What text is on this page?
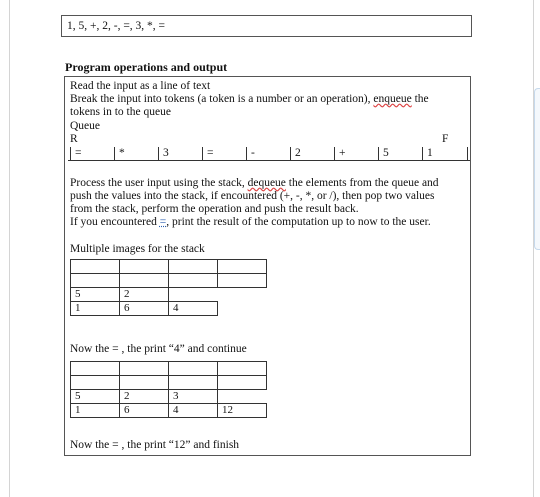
1, 5, +, 2, -, =, 3, *, =
Program operations and output
Read the input as a line of text
Break the input into tokens (a token is a number or an operation), enqueue the
tokens in to the queue
Queue
R	F
=	*	3	=	-	2	+	5	1
Process the user input using the stack, dequeue the elements from the queue and
push the values into the stack, if encountered (+, -, *, or /), then pop two values
from the stack, perform the operation and push the result back.
If you encountered =, print the result of the computation up to now to the user.
Multiple images for the stack

5	2		
1	6	4	
Now the = , the print “4” and continue

5	2	3	
1	6	4	12
Now the = , the print “12” and finish
